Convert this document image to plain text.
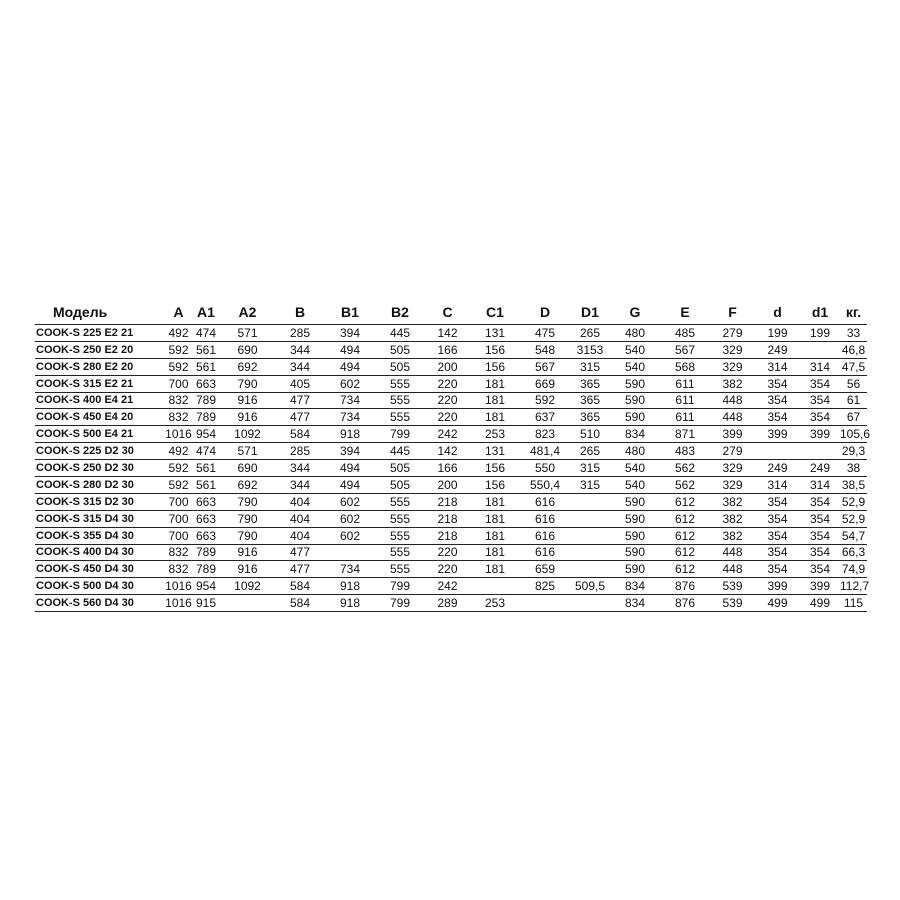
Модель	A	A1	A2	B	B1	B2	C	C1	D	D1	G	E	F	d	d1	кг.
COOK-S 225 E2 21	492	474	571	285	394	445	142	131	475	265	480	485	279	199	199	33
COOK-S 250 E2 20	592	561	690	344	494	505	166	156	548	3153	540	567	329	249		46,8
COOK-S 280 E2 20	592	561	692	344	494	505	200	156	567	315	540	568	329	314	314	47,5
COOK-S 315 E2 21	700	663	790	405	602	555	220	181	669	365	590	611	382	354	354	56
COOK-S 400 E4 21	832	789	916	477	734	555	220	181	592	365	590	611	448	354	354	61
COOK-S 450 E4 20	832	789	916	477	734	555	220	181	637	365	590	611	448	354	354	67
COOK-S 500 E4 21	1016	954	1092	584	918	799	242	253	823	510	834	871	399	399	399	105,6
COOK-S 225 D2 30	492	474	571	285	394	445	142	131	481,4	265	480	483	279			29,3
COOK-S 250 D2 30	592	561	690	344	494	505	166	156	550	315	540	562	329	249	249	38
COOK-S 280 D2 30	592	561	692	344	494	505	200	156	550,4	315	540	562	329	314	314	38,5
COOK-S 315 D2 30	700	663	790	404	602	555	218	181	616		590	612	382	354	354	52,9
COOK-S 315 D4 30	700	663	790	404	602	555	218	181	616		590	612	382	354	354	52,9
COOK-S 355 D4 30	700	663	790	404	602	555	218	181	616		590	612	382	354	354	54,7
COOK-S 400 D4 30	832	789	916	477		555	220	181	616		590	612	448	354	354	66,3
COOK-S 450 D4 30	832	789	916	477	734	555	220	181	659		590	612	448	354	354	74,9
COOK-S 500 D4 30	1016	954	1092	584	918	799	242		825	509,5	834	876	539	399	399	112,7
COOK-S 560 D4 30	1016	915		584	918	799	289	253			834	876	539	499	499	115
